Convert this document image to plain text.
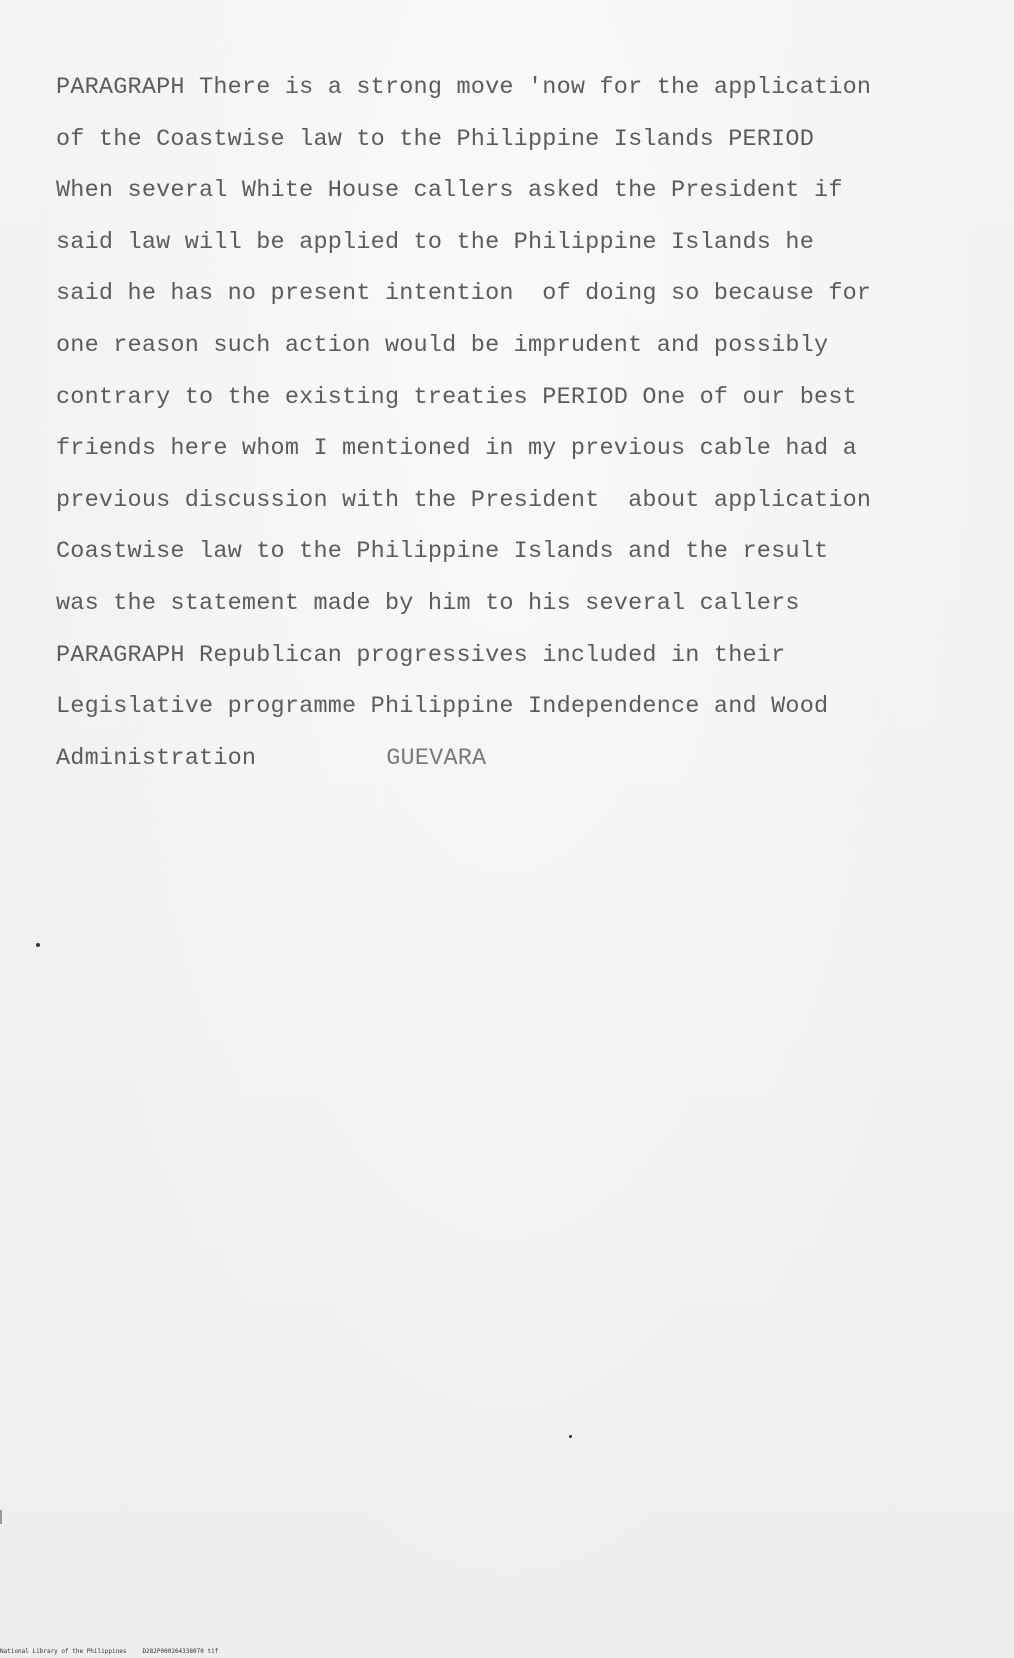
PARAGRAPH There is a strong move 'now for the application

of the Coastwise law to the Philippine Islands PERIOD

When several White House callers asked the President if

said law will be applied to the Philippine Islands he

said he has no present intention  of doing so because for

one reason such action would be imprudent and possibly

contrary to the existing treaties PERIOD One of our best

friends here whom I mentioned in my previous cable had a

previous discussion with the President  about application

Coastwise law to the Philippine Islands and the result

was the statement made by him to his several callers

PARAGRAPH Republican progressives included in their

Legislative programme Philippine Independence and Wood

Administration	GUEVARA

National Library of the Philippines	D282P000264338070 tif
